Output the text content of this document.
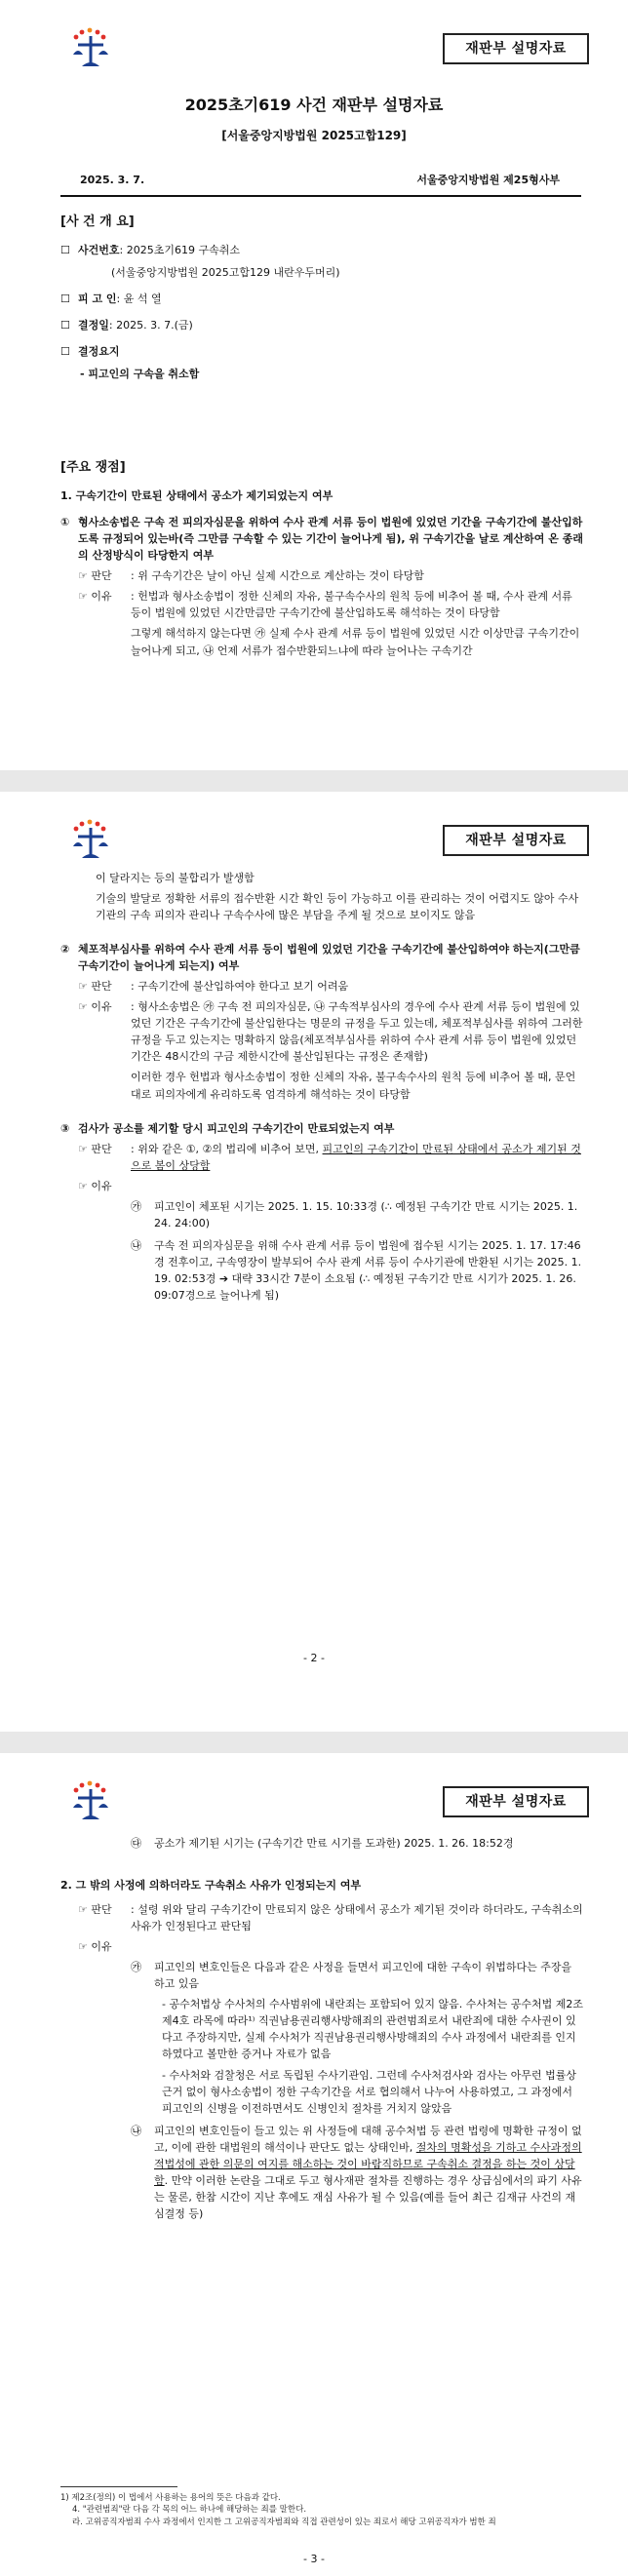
재판부 설명자료
2025초기619 사건 재판부 설명자료
[서울중앙지방법원 2025고합129]
2025. 3. 7.	서울중앙지방법원 제25형사부
[사 건 개 요]
☐ 사건번호 : 2025초기619 구속취소
(서울중앙지방법원 2025고합129 내란우두머리)
☐ 피 고 인 : 윤 석 열
☐ 결정일 : 2025. 3. 7.(금)
☐ 결정요지
- 피고인의 구속을 취소함
[주요 쟁점]
1. 구속기간이 만료된 상태에서 공소가 제기되었는지 여부
① 형사소송법은 구속 전 피의자심문을 위하여 수사 관계 서류 등이 법원에 있었던 기간을 구속기간에 불산입하도록 규정되어 있는바(즉 그만큼 구속할 수 있는 기간이 늘어나게 됨), 위 구속기간을 날로 계산하여 온 종래의 산정방식이 타당한지 여부
☞ 판단	: 위 구속기간은 날이 아닌 실제 시간으로 계산하는 것이 타당함
☞ 이유	: 헌법과 형사소송법이 정한 신체의 자유, 불구속수사의 원칙 등에 비추어 볼 때, 수사 관계 서류 등이 법원에 있었던 시간만큼만 구속기간에 불산입하도록 해석하는 것이 타당함
그렇게 해석하지 않는다면 ㉮ 실제 수사 관계 서류 등이 법원에 있었던 시간 이상만큼 구속기간이 늘어나게 되고, ㉯ 언제 서류가 접수반환되느냐에 따라 늘어나는 구속기간
재판부 설명자료
이 달라지는 등의 불합리가 발생함
기술의 발달로 정확한 서류의 접수반환 시간 확인 등이 가능하고 이를 관리하는 것이 어렵지도 않아 수사기관의 구속 피의자 관리나 구속수사에 많은 부담을 주게 될 것으로 보이지도 않음
② 체포적부심사를 위하여 수사 관계 서류 등이 법원에 있었던 기간을 구속기간에 불산입하여야 하는지(그만큼 구속기간이 늘어나게 되는지) 여부
☞ 판단	: 구속기간에 불산입하여야 한다고 보기 어려움
☞ 이유	: 형사소송법은 ㉮ 구속 전 피의자심문, ㉯ 구속적부심사의 경우에 수사 관계 서류 등이 법원에 있었던 기간은 구속기간에 불산입한다는 명문의 규정을 두고 있는데, 체포적부심사를 위하여 그러한 규정을 두고 있는지는 명확하지 않음(체포적부심사를 위하여 수사 관계 서류 등이 법원에 있었던 기간은 48시간의 구금 제한시간에 불산입된다는 규정은 존재함)
이러한 경우 헌법과 형사소송법이 정한 신체의 자유, 불구속수사의 원칙 등에 비추어 볼 때, 문언대로 피의자에게 유리하도록 엄격하게 해석하는 것이 타당함
③ 검사가 공소를 제기할 당시 피고인의 구속기간이 만료되었는지 여부
☞ 판단	: 위와 같은 ①, ②의 법리에 비추어 보면, 피고인의 구속기간이 만료된 상태에서 공소가 제기된 것으로 봄이 상당함
☞ 이유
㉮	피고인이 체포된 시기는 2025. 1. 15. 10:33경 (∴ 예정된 구속기간 만료 시기는 2025. 1. 24. 24:00)
㉯	구속 전 피의자심문을 위해 수사 관계 서류 등이 법원에 접수된 시기는 2025. 1. 17. 17:46경 전후이고, 구속영장이 발부되어 수사 관계 서류 등이 수사기관에 반환된 시기는 2025. 1. 19. 02:53경 ➔ 대략 33시간 7분이 소요됨 (∴ 예정된 구속기간 만료 시기가 2025. 1. 26. 09:07경으로 늘어나게 됨)
- 2 -
재판부 설명자료
㉰	공소가 제기된 시기는 (구속기간 만료 시기를 도과한) 2025. 1. 26. 18:52경
2. 그 밖의 사정에 의하더라도 구속취소 사유가 인정되는지 여부
☞ 판단	: 설령 위와 달리 구속기간이 만료되지 않은 상태에서 공소가 제기된 것이라 하더라도, 구속취소의 사유가 인정된다고 판단됨
☞ 이유
㉮	피고인의 변호인들은 다음과 같은 사정을 들면서 피고인에 대한 구속이 위법하다는 주장을 하고 있음
- 공수처법상 수사처의 수사범위에 내란죄는 포함되어 있지 않음. 수사처는 공수처법 제2조 제4호 라목에 따라¹⁾ 직권남용권리행사방해죄의 관련범죄로서 내란죄에 대한 수사권이 있다고 주장하지만, 실제 수사처가 직권남용권리행사방해죄의 수사 과정에서 내란죄를 인지하였다고 볼만한 증거나 자료가 없음
- 수사처와 검찰청은 서로 독립된 수사기관임. 그런데 수사처검사와 검사는 아무런 법률상 근거 없이 형사소송법이 정한 구속기간을 서로 협의해서 나누어 사용하였고, 그 과정에서 피고인의 신병을 이전하면서도 신병인치 절차를 거치지 않았음
㉯	피고인의 변호인들이 들고 있는 위 사정들에 대해 공수처법 등 관련 법령에 명확한 규정이 없고, 이에 관한 대법원의 해석이나 판단도 없는 상태인바, 절차의 명확성을 기하고 수사과정의 적법성에 관한 의문의 여지를 해소하는 것이 바람직하므로 구속취소 결정을 하는 것이 상당함. 만약 이러한 논란을 그대로 두고 형사재판 절차를 진행하는 경우 상급심에서의 파기 사유는 물론, 한참 시간이 지난 후에도 재심 사유가 될 수 있음(예를 들어 최근 김재규 사건의 재심결정 등)
1) 제2조(정의) 이 법에서 사용하는 용어의 뜻은 다음과 같다.
4. "관련범죄"란 다음 각 목의 어느 하나에 해당하는 죄를 말한다.
라. 고위공직자범죄 수사 과정에서 인지한 그 고위공직자범죄와 직접 관련성이 있는 죄로서 해당 고위공직자가 범한 죄
- 3 -
